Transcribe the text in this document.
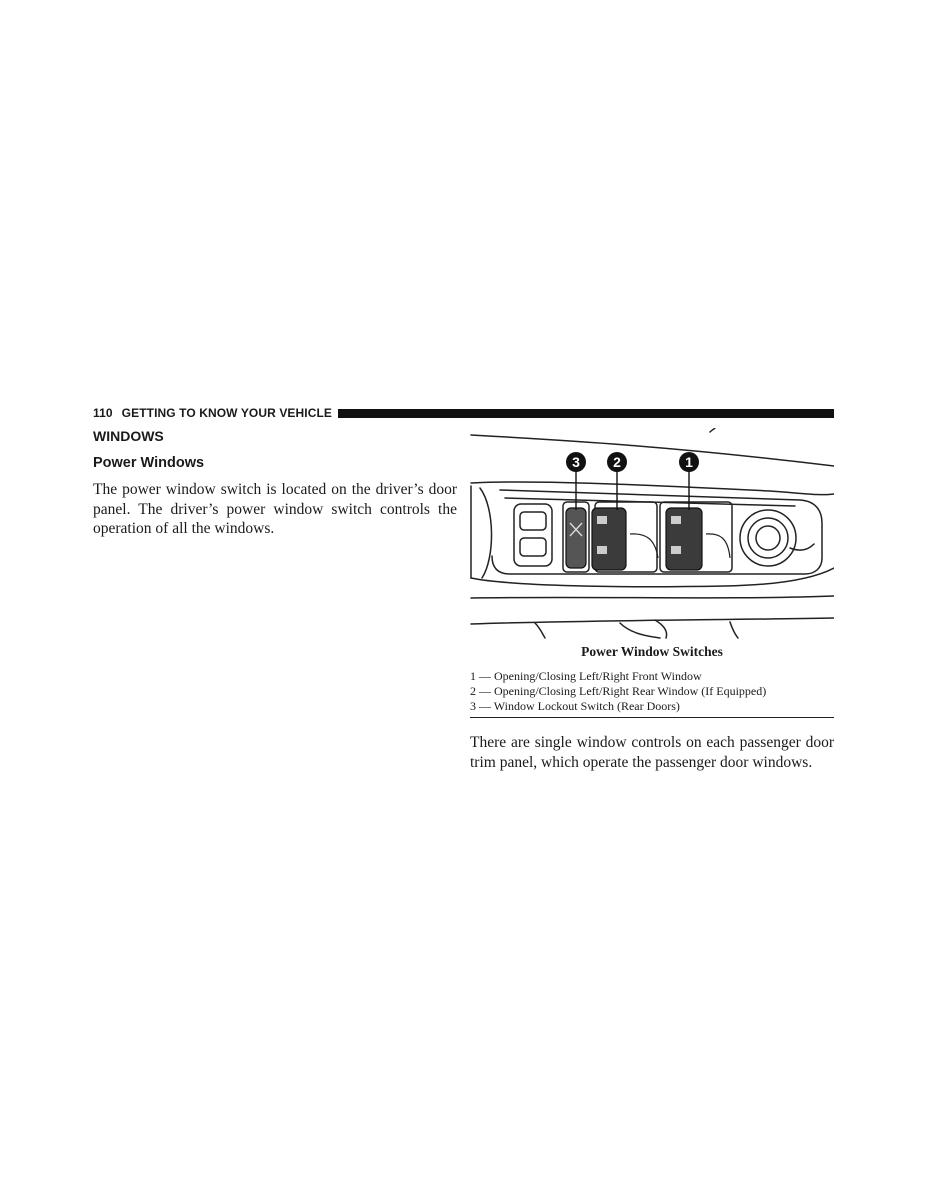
110 GETTING TO KNOW YOUR VEHICLE
WINDOWS
Power Windows
The power window switch is located on the driver’s door panel. The driver’s power window switch controls the operation of all the windows.
3 2	1
Power Window Switches
1 — Opening/Closing Left/Right Front Window
2 — Opening/Closing Left/Right Rear Window (If Equipped)
3 — Window Lockout Switch (Rear Doors)
There are single window controls on each passenger door trim panel, which operate the passenger door windows.
